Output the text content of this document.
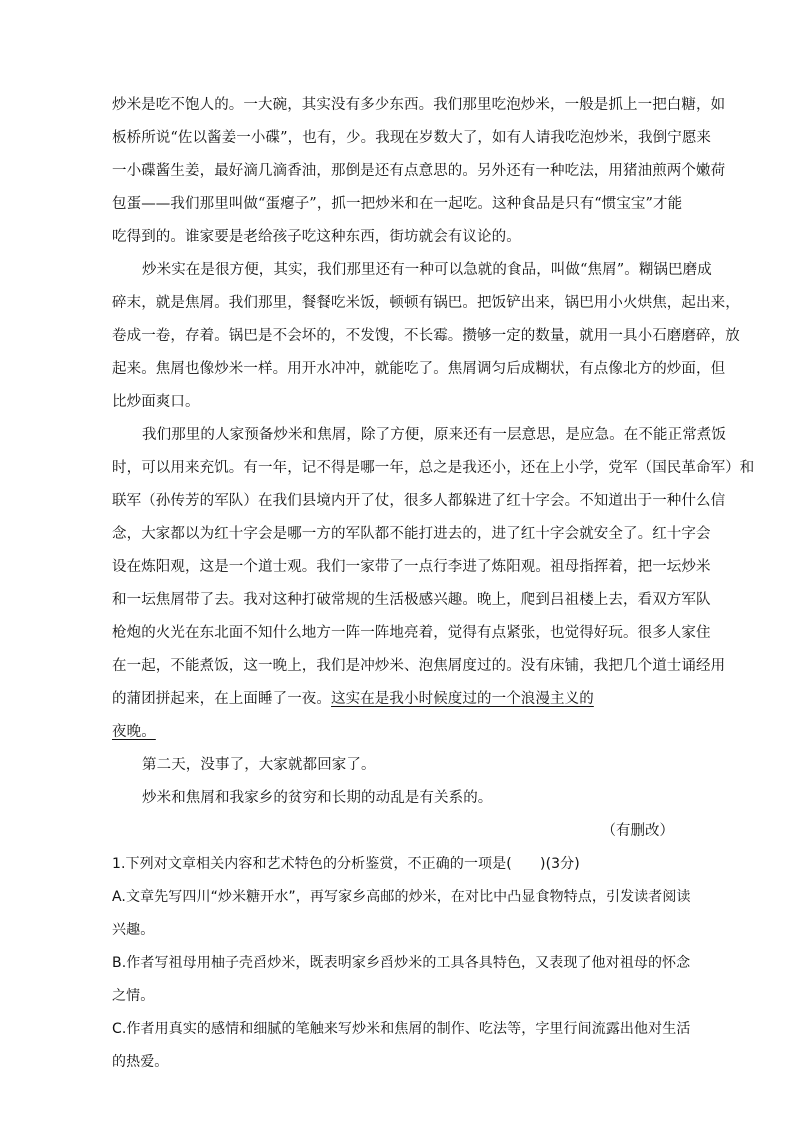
炒米是吃不饱人的。一大碗，其实没有多少东西。我们那里吃泡炒米，一般是抓上一把白糖，如
板桥所说“佐以酱姜一小碟”，也有，少。我现在岁数大了，如有人请我吃泡炒米，我倒宁愿来
一小碟酱生姜，最好滴几滴香油，那倒是还有点意思的。另外还有一种吃法，用猪油煎两个嫩荷
包蛋——我们那里叫做“蛋瘪子”，抓一把炒米和在一起吃。这种食品是只有“惯宝宝”才能
吃得到的。谁家要是老给孩子吃这种东西，街坊就会有议论的。
炒米实在是很方便，其实，我们那里还有一种可以急就的食品，叫做“焦屑”。糊锅巴磨成
碎末，就是焦屑。我们那里，餐餐吃米饭，顿顿有锅巴。把饭铲出来，锅巴用小火烘焦，起出来，
卷成一卷，存着。锅巴是不会坏的，不发馊，不长霉。攒够一定的数量，就用一具小石磨磨碎，放
起来。焦屑也像炒米一样。用开水冲冲，就能吃了。焦屑调匀后成糊状，有点像北方的炒面，但
比炒面爽口。
我们那里的人家预备炒米和焦屑，除了方便，原来还有一层意思，是应急。在不能正常煮饭
时，可以用来充饥。有一年，记不得是哪一年，总之是我还小，还在上小学，党军（国民革命军）和
联军（孙传芳的军队）在我们县境内开了仗，很多人都躲进了红十字会。不知道出于一种什么信
念，大家都以为红十字会是哪一方的军队都不能打进去的，进了红十字会就安全了。红十字会
设在炼阳观，这是一个道士观。我们一家带了一点行李进了炼阳观。祖母指挥着，把一坛炒米
和一坛焦屑带了去。我对这种打破常规的生活极感兴趣。晚上，爬到吕祖楼上去，看双方军队
枪炮的火光在东北面不知什么地方一阵一阵地亮着，觉得有点紧张，也觉得好玩。很多人家住
在一起，不能煮饭，这一晚上，我们是冲炒米、泡焦屑度过的。没有床铺，我把几个道士诵经用
的蒲团拼起来，在上面睡了一夜。这实在是我小时候度过的一个浪漫主义的
夜晚。
第二天，没事了，大家就都回家了。
炒米和焦屑和我家乡的贫穷和长期的动乱是有关系的。
（有删改）
1.下列对文章相关内容和艺术特色的分析鉴赏，不正确的一项是(　　)(3分)
A.文章先写四川“炒米糖开水”，再写家乡高邮的炒米，在对比中凸显食物特点，引发读者阅读
兴趣。
B.作者写祖母用柚子壳舀炒米，既表明家乡舀炒米的工具各具特色，又表现了他对祖母的怀念
之情。
C.作者用真实的感情和细腻的笔触来写炒米和焦屑的制作、吃法等，字里行间流露出他对生活
的热爱。
